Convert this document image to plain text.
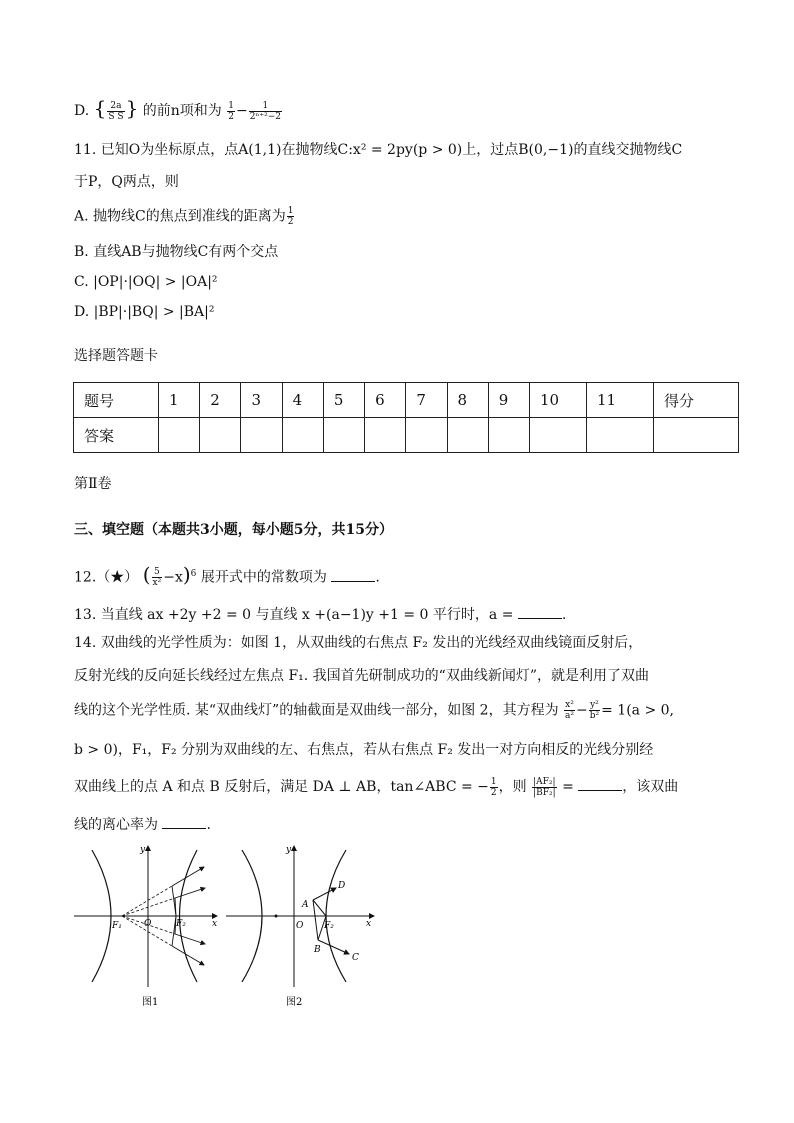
D. { $\frac{2a}{\text{S S}}$ } 的前n项和为 $\frac{1}{2} - \frac{1}{\text{2ⁿ⁺²−2}}$
11. 已知O为坐标原点，点A(1,1)在抛物线C:x² = 2py(p > 0)上，过点B(0,−1)的直线交抛物线C
于P，Q两点，则
A. 抛物线C的焦点到准线的距离为 $\frac{1}{2}$
B. 直线AB与抛物线C有两个交点
C. |OP|·|OQ| > |OA|²
D. |BP|·|BQ| > |BA|²
选择题答题卡
题号	1	2	3	4	5	6	7	8	9	10	11	得分
答案												
第Ⅱ卷
三、填空题（本题共3小题，每小题5分，共15分）
12.（★） ( $\frac{5}{\text{x²}} -x)^6$ 展开式中的常数项为	.
13. 当直线 ax +2y +2 = 0 与直线 x +(a−1)y +1 = 0 平行时，a =	.
14. 双曲线的光学性质为：如图 1，从双曲线的右焦点 F₂ 发出的光线经双曲线镜面反射后，
反射光线的反向延长线经过左焦点 F₁. 我国首先研制成功的“双曲线新闻灯”，就是利用了双曲
线的这个光学性质. 某“双曲线灯”的轴截面是双曲线一部分，如图 2，其方程为 $\frac{\text{x²}}{\text{a²}} - \frac{\text{y²}}{\text{b²}} = 1(a > 0$,
b > 0)，F₁，F₂ 分别为双曲线的左、右焦点，若从右焦点 F₂ 发出一对方向相反的光线分别经
双曲线上的点 A 和点 B 反射后，满足 DA ⊥ AB，tan∠ABC = − $\frac{1}{2}$ ，则 $\frac{\text{|AF₂|}}{\text{|BF₂|}}$ =	，该双曲
线的离心率为	.
F₁ O	F₂	x
y
图1
A
D
B
C
O F₂	x
y
图2
